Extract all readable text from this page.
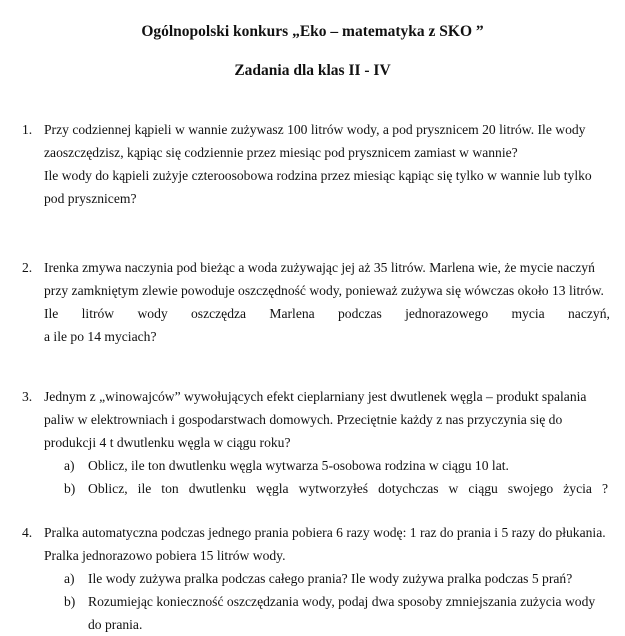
Ogólnopolski konkurs „Eko – matematyka z SKO ”
Zadania dla klas II - IV
1. Przy codziennej kąpieli w wannie zużywasz 100 litrów wody, a pod prysznicem 20 litrów. Ile wody
zaoszczędzisz, kąpiąc się codziennie przez miesiąc pod prysznicem zamiast w wannie?
Ile wody do kąpieli zużyje czteroosobowa rodzina przez miesiąc kąpiąc się tylko w wannie lub tylko
pod prysznicem?
2. Irenka zmywa naczynia pod bieżąc a woda zużywając jej aż 35 litrów. Marlena wie, że mycie naczyń
przy zamkniętym zlewie powoduje oszczędność wody, ponieważ zużywa się wówczas około 13 litrów.
Ile litrów wody oszczędza Marlena podczas jednorazowego mycia naczyń,
a ile po 14 myciach?
3. Jednym z „winowajców” wywołujących efekt cieplarniany jest dwutlenek węgla – produkt spalania
paliw w elektrowniach i gospodarstwach domowych. Przeciętnie każdy z nas przyczynia się do
produkcji 4 t dwutlenku węgla w ciągu roku?
a) Oblicz, ile ton dwutlenku węgla wytwarza 5-osobowa rodzina w ciągu 10 lat.
b) Oblicz, ile ton dwutlenku węgla wytworzyłeś dotychczas w ciągu swojego życia ?
4. Pralka automatyczna podczas jednego prania pobiera 6 razy wodę: 1 raz do prania i 5 razy do płukania.
Pralka jednorazowo pobiera 15 litrów wody.
a) Ile wody zużywa pralka podczas całego prania? Ile wody zużywa pralka podczas 5 prań?
b) Rozumiejąc konieczność oszczędzania wody, podaj dwa sposoby zmniejszania zużycia wody
do prania.
